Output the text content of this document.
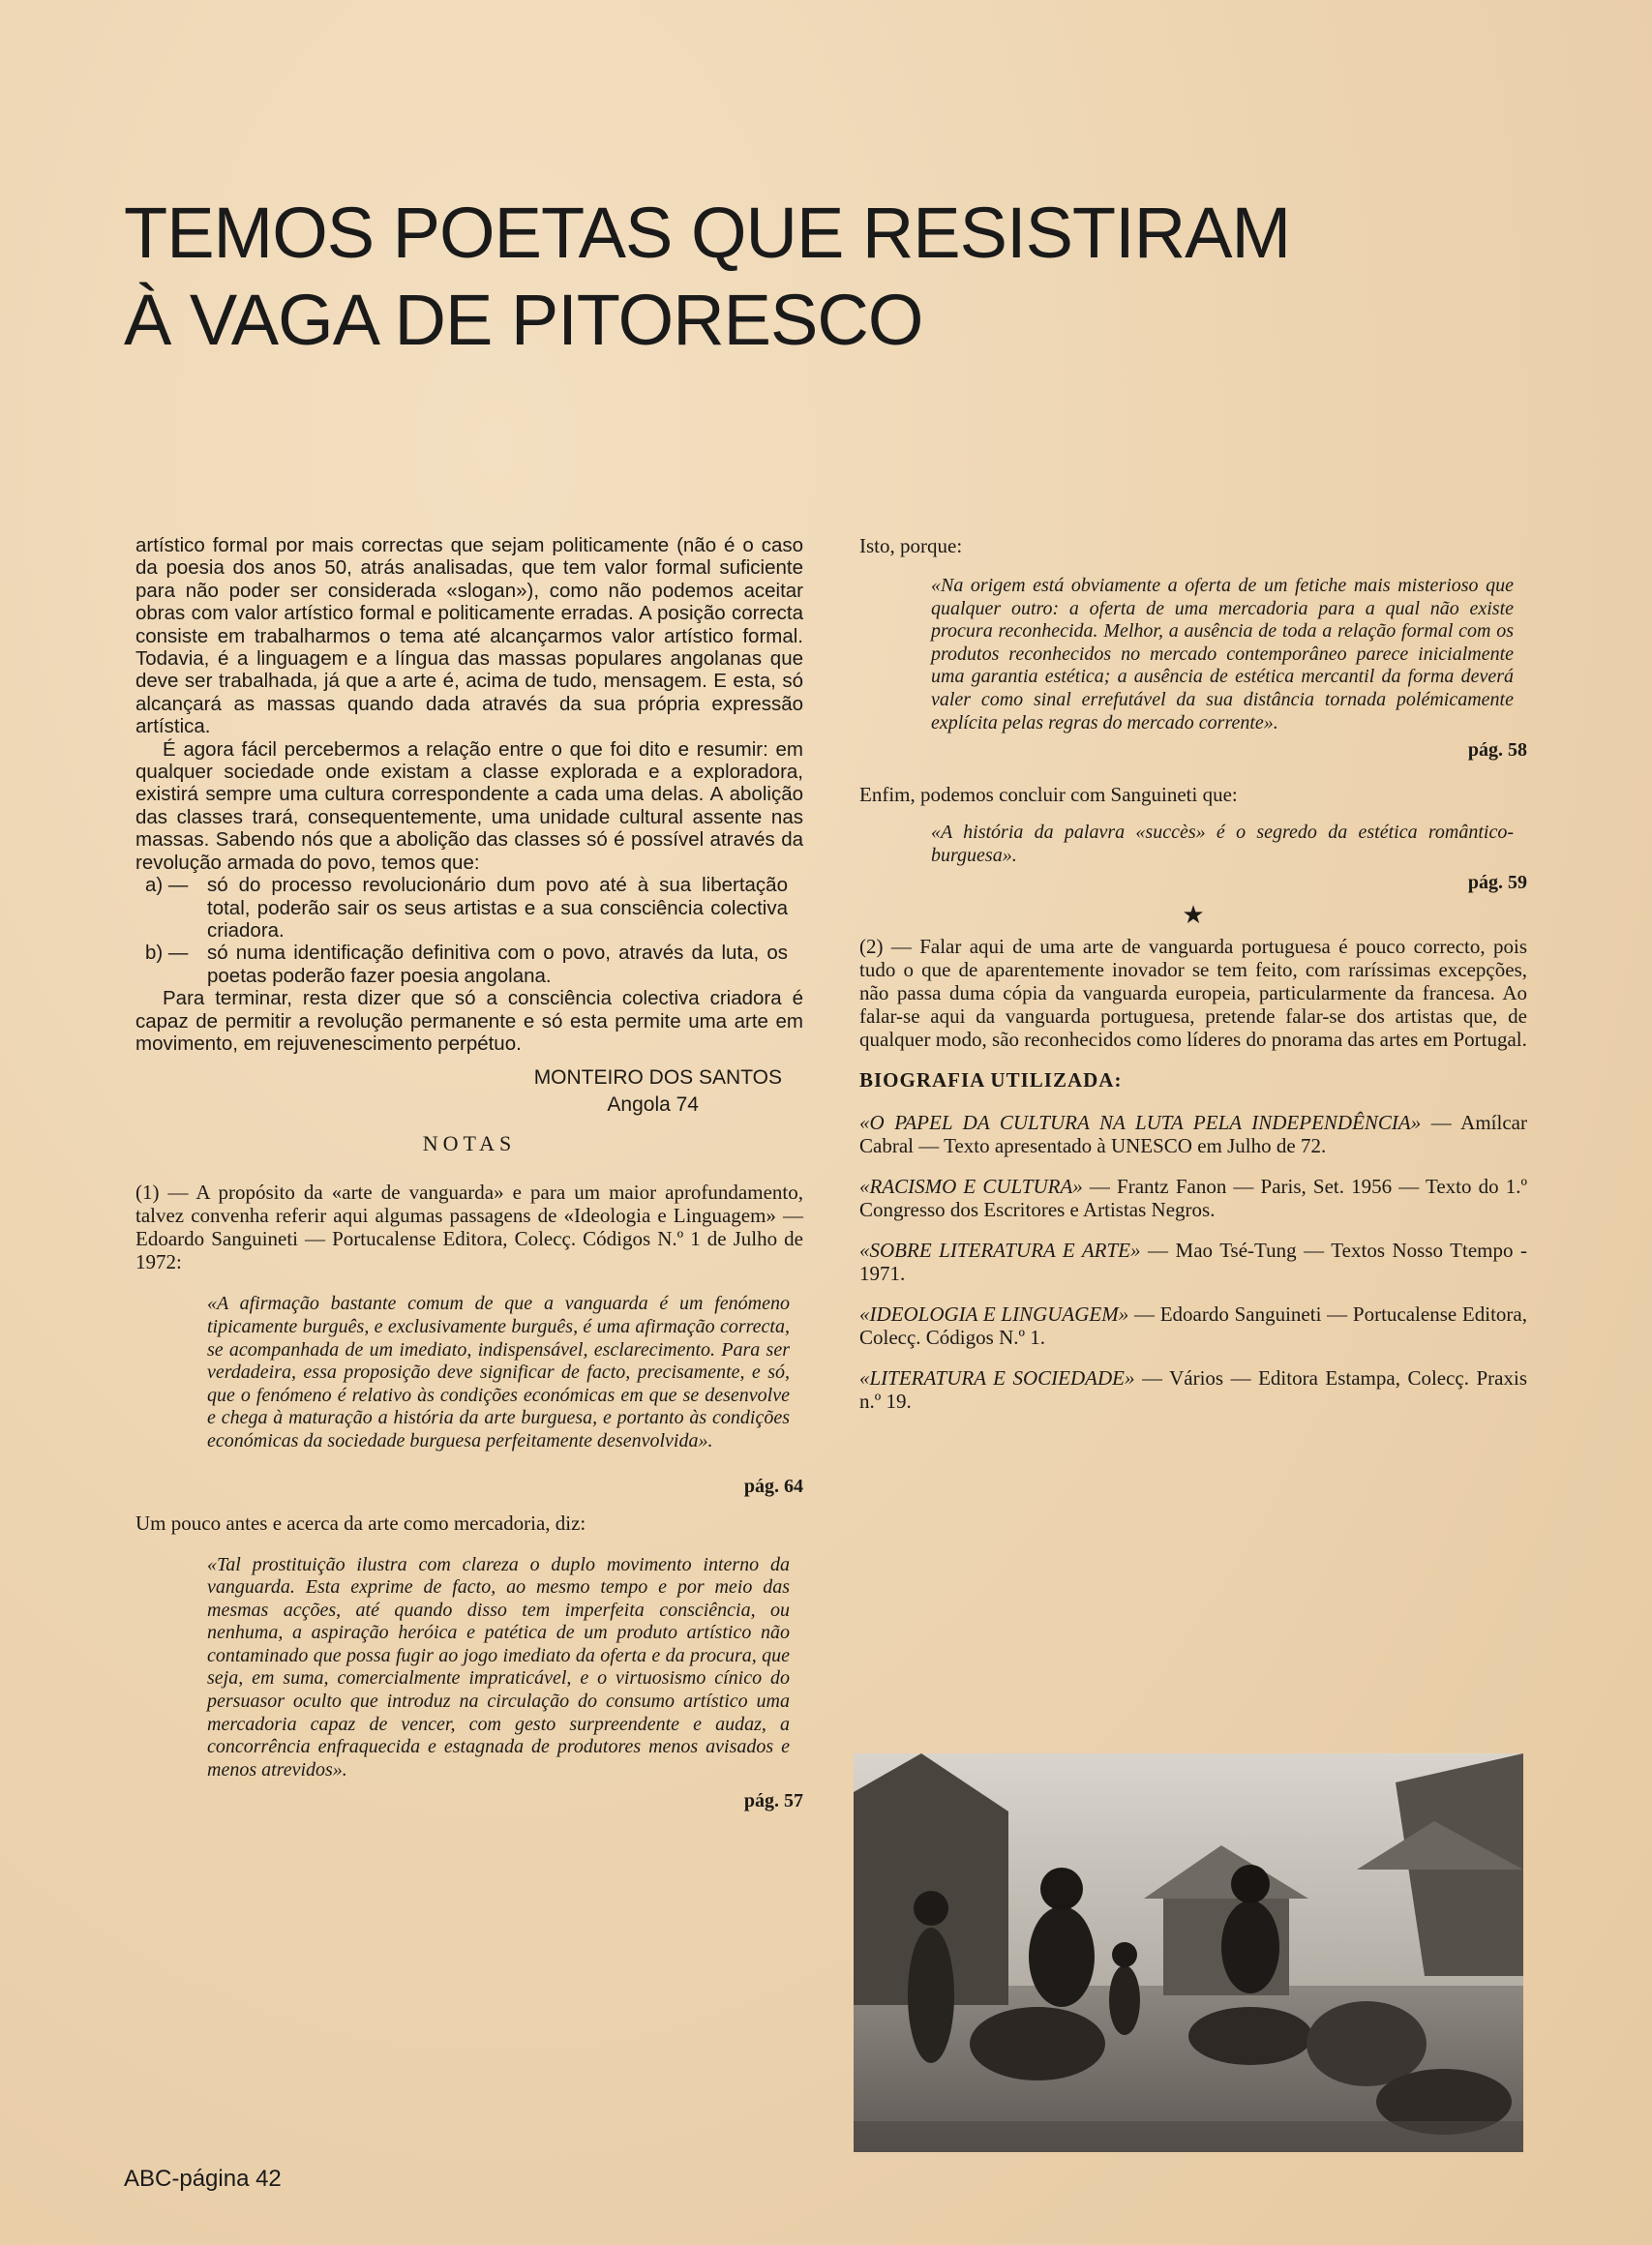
TEMOS POETAS QUE RESISTIRAM
À VAGA DE PITORESCO

artístico formal por mais correctas que sejam politicamente (não é o caso da poesia dos anos 50, atrás analisadas, que tem valor formal suficiente para não poder ser considerada «slogan»), como não podemos aceitar obras com valor artístico formal e politicamente erradas. A posição correcta consiste em trabalharmos o tema até alcançarmos valor artístico formal. Todavia, é a linguagem e a língua das massas populares angolanas que deve ser trabalhada, já que a arte é, acima de tudo, mensagem. E esta, só alcançará as massas quando dada através da sua própria expressão artística.

É agora fácil percebermos a relação entre o que foi dito e resumir: em qualquer sociedade onde existam a classe explorada e a exploradora, existirá sempre uma cultura correspondente a cada uma delas. A abolição das classes trará, consequentemente, uma unidade cultural assente nas massas. Sabendo nós que a abolição das classes só é possível através da revolução armada do povo, temos que:

a) — só do processo revolucionário dum povo até à sua libertação total, poderão sair os seus artistas e a sua consciência colectiva criadora.
b) — só numa identificação definitiva com o povo, através da luta, os poetas poderão fazer poesia angolana.

Para terminar, resta dizer que só a consciência colectiva criadora é capaz de permitir a revolução permanente e só esta permite uma arte em movimento, em rejuvenescimento perpétuo.

MONTEIRO DOS SANTOS
Angola 74
NOTAS

(1) — A propósito da «arte de vanguarda» e para um maior aprofundamento, talvez convenha referir aqui algumas passagens de «Ideologia e Linguagem» — Edoardo Sanguineti — Portucalense Editora, Colecç. Códigos N.º 1 de Julho de 1972:

«A afirmação bastante comum de que a vanguarda é um fenómeno tipicamente burguês, e exclusivamente burguês, é uma afirmação correcta, se acompanhada de um imediato, indispensável, esclarecimento. Para ser verdadeira, essa proposição deve significar de facto, precisamente, e só, que o fenómeno é relativo às condições económicas em que se desenvolve e chega à maturação a história da arte burguesa, e portanto às condições económicas da sociedade burguesa perfeitamente desenvolvida».

pág. 64

Um pouco antes e acerca da arte como mercadoria, diz:

«Tal prostituição ilustra com clareza o duplo movimento interno da vanguarda. Esta exprime de facto, ao mesmo tempo e por meio das mesmas acções, até quando disso tem imperfeita consciência, ou nenhuma, a aspiração heróica e patética de um produto artístico não contaminado que possa fugir ao jogo imediato da oferta e da procura, que seja, em suma, comercialmente impraticável, e o virtuosismo cínico do persuasor oculto que introduz na circulação do consumo artístico uma mercadoria capaz de vencer, com gesto surpreendente e audaz, a concorrência enfraquecida e estagnada de produtores menos avisados e menos atrevidos».

pág. 57

Isto, porque:

«Na origem está obviamente a oferta de um fetiche mais misterioso que qualquer outro: a oferta de uma mercadoria para a qual não existe procura reconhecida. Melhor, a ausência de toda a relação formal com os produtos reconhecidos no mercado contemporâneo parece inicialmente uma garantia estética; a ausência de estética mercantil da forma deverá valer como sinal errefutável da sua distância tornada polémicamente explícita pelas regras do mercado corrente».

pág. 58

Enfim, podemos concluir com Sanguineti que:

«A história da palavra «succès» é o segredo da estética romântico-burguesa».

pág. 59

★

(2) — Falar aqui de uma arte de vanguarda portuguesa é pouco correcto, pois tudo o que de aparentemente inovador se tem feito, com raríssimas excepções, não passa duma cópia da vanguarda europeia, particularmente da francesa. Ao falar-se aqui da vanguarda portuguesa, pretende falar-se dos artistas que, de qualquer modo, são reconhecidos como líderes do pnorama das artes em Portugal.

BIOGRAFIA UTILIZADA:

«O PAPEL DA CULTURA NA LUTA PELA INDEPENDÊNCIA» — Amílcar Cabral — Texto apresentado à UNESCO em Julho de 72.

«RACISMO E CULTURA» — Frantz Fanon — Paris, Set. 1956 — Texto do 1.º Congresso dos Escritores e Artistas Negros.

«SOBRE LITERATURA E ARTE» — Mao Tsé-Tung — Textos Nosso Ttempo - 1971.

«IDEOLOGIA E LINGUAGEM» — Edoardo Sanguineti — Portucalense Editora, Colecç. Códigos N.º 1.

«LITERATURA E SOCIEDADE» — Vários — Editora Estampa, Colecç. Praxis n.º 19.

ABC-página 42
